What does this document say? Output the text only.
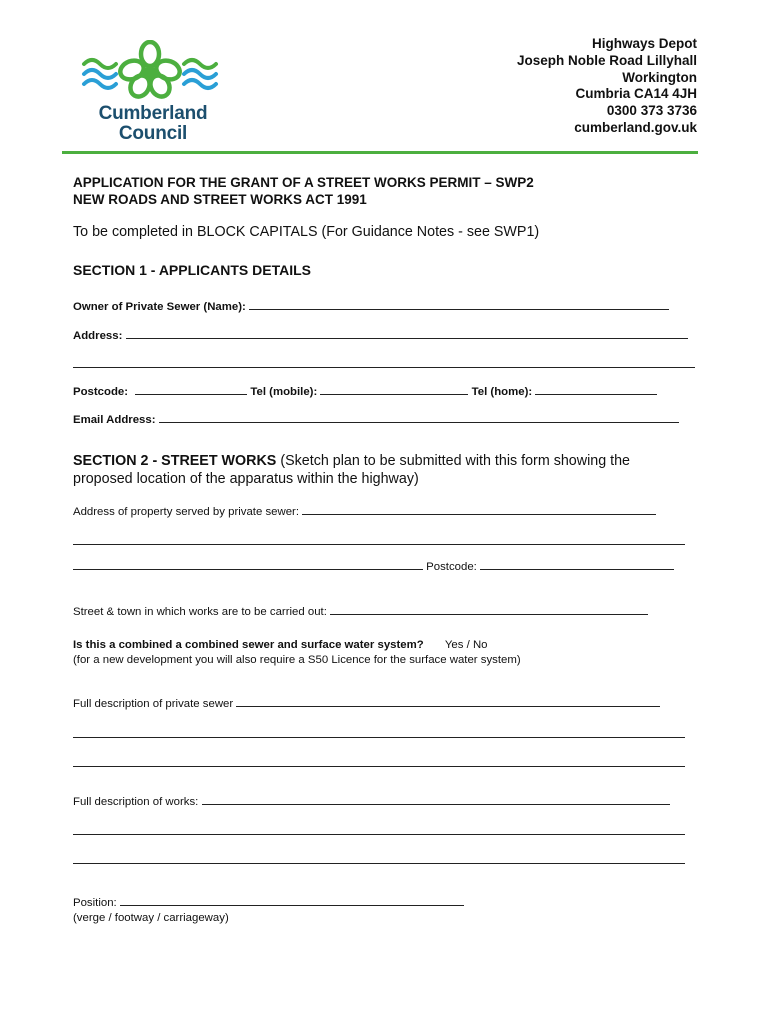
Cumberland
Council
Highways Depot
Joseph Noble Road Lillyhall
Workington
Cumbria CA14 4JH
0300 373 3736
cumberland.gov.uk
APPLICATION FOR THE GRANT OF A STREET WORKS PERMIT – SWP2
NEW ROADS AND STREET WORKS ACT 1991
To be completed in BLOCK CAPITALS (For Guidance Notes - see SWP1)
SECTION 1 - APPLICANTS DETAILS
Owner of Private Sewer (Name):
Address:
Postcode:	Tel (mobile):	Tel (home):
Email Address:
SECTION 2 - STREET WORKS (Sketch plan to be submitted with this form showing the
proposed location of the apparatus within the highway)
Address of property served by private sewer:
Postcode:
Street & town in which works are to be carried out:
Is this a combined a combined sewer and surface water system? Yes / No
(for a new development you will also require a S50 Licence for the surface water system)
Full description of private sewer
Full description of works:
Position:
(verge / footway / carriageway)
